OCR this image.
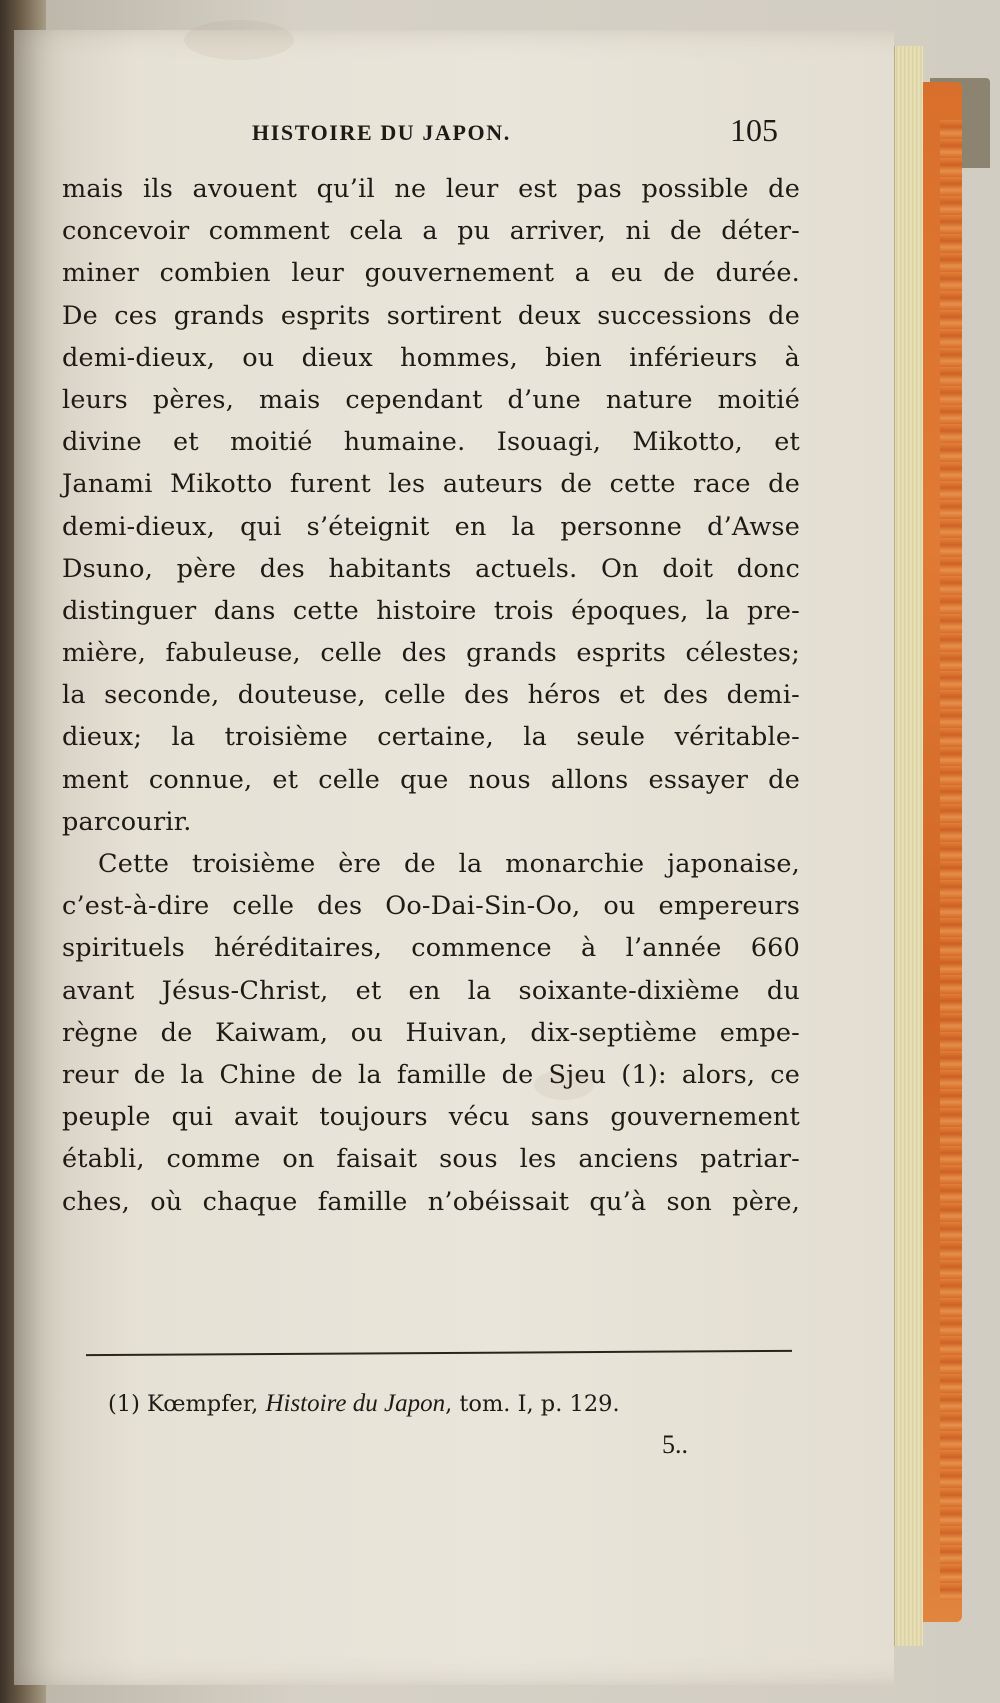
HISTOIRE DU JAPON.	105
mais ils avouent qu’il ne leur est pas possible de
concevoir comment cela a pu arriver, ni de déter-
miner combien leur gouvernement a eu de durée.
De ces grands esprits sortirent deux successions de
demi-dieux, ou dieux hommes, bien inférieurs à
leurs pères, mais cependant d’une nature moitié
divine et moitié humaine. Isouagi, Mikotto, et
Janami Mikotto furent les auteurs de cette race de
demi-dieux, qui s’éteignit en la personne d’Awse
Dsuno, père des habitants actuels. On doit donc
distinguer dans cette histoire trois époques, la pre-
mière, fabuleuse, celle des grands esprits célestes;
la seconde, douteuse, celle des héros et des demi-
dieux; la troisième certaine, la seule véritable-
ment connue, et celle que nous allons essayer de
parcourir.
Cette troisième ère de la monarchie japonaise,
c’est-à-dire celle des Oo-Dai-Sin-Oo, ou empereurs
spirituels héréditaires, commence à l’année 660
avant Jésus-Christ, et en la soixante-dixième du
règne de Kaiwam, ou Huivan, dix-septième empe-
reur de la Chine de la famille de Sjeu (1): alors, ce
peuple qui avait toujours vécu sans gouvernement
établi, comme on faisait sous les anciens patriar-
ches, où chaque famille n’obéissait qu’à son père,
(1) Kœmpfer, Histoire du Japon, tom. I, p. 129.
5..
